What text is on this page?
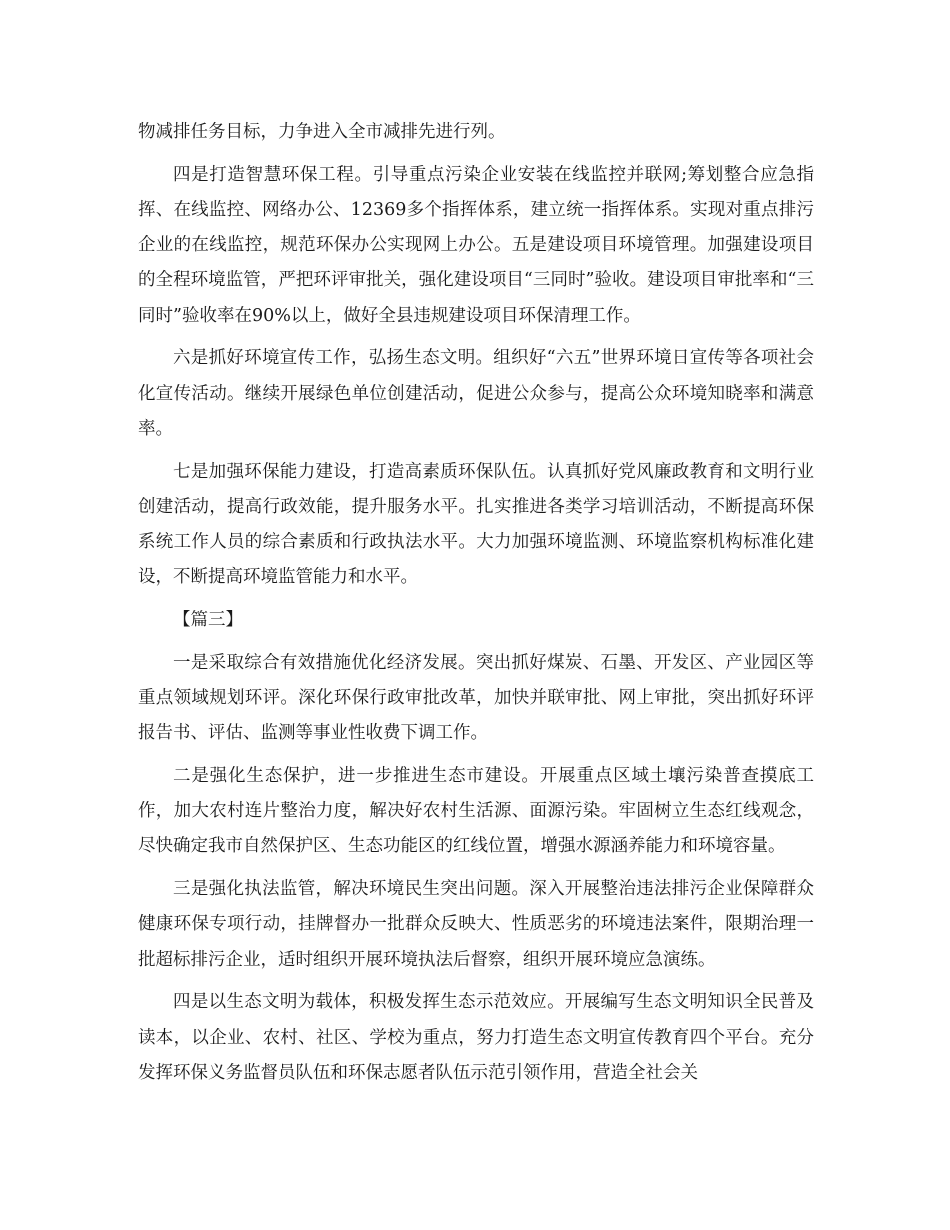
物减排任务目标，力争进入全市减排先进行列。

四是打造智慧环保工程。引导重点污染企业安装在线监控并联网;筹划整合应急指挥、在线监控、网络办公、12369多个指挥体系，建立统一指挥体系。实现对重点排污企业的在线监控，规范环保办公实现网上办公。五是建设项目环境管理。加强建设项目的全程环境监管，严把环评审批关，强化建设项目“三同时”验收。建设项目审批率和“三同时”验收率在90%以上，做好全县违规建设项目环保清理工作。

六是抓好环境宣传工作，弘扬生态文明。组织好“六五”世界环境日宣传等各项社会化宣传活动。继续开展绿色单位创建活动，促进公众参与，提高公众环境知晓率和满意率。

七是加强环保能力建设，打造高素质环保队伍。认真抓好党风廉政教育和文明行业创建活动，提高行政效能，提升服务水平。扎实推进各类学习培训活动，不断提高环保系统工作人员的综合素质和行政执法水平。大力加强环境监测、环境监察机构标准化建设，不断提高环境监管能力和水平。

【篇三】

一是采取综合有效措施优化经济发展。突出抓好煤炭、石墨、开发区、产业园区等重点领域规划环评。深化环保行政审批改革，加快并联审批、网上审批，突出抓好环评报告书、评估、监测等事业性收费下调工作。

二是强化生态保护，进一步推进生态市建设。开展重点区域土壤污染普查摸底工作，加大农村连片整治力度，解决好农村生活源、面源污染。牢固树立生态红线观念，尽快确定我市自然保护区、生态功能区的红线位置，增强水源涵养能力和环境容量。

三是强化执法监管，解决环境民生突出问题。深入开展整治违法排污企业保障群众健康环保专项行动，挂牌督办一批群众反映大、性质恶劣的环境违法案件，限期治理一批超标排污企业，适时组织开展环境执法后督察，组织开展环境应急演练。

四是以生态文明为载体，积极发挥生态示范效应。开展编写生态文明知识全民普及读本，以企业、农村、社区、学校为重点，努力打造生态文明宣传教育四个平台。充分发挥环保义务监督员队伍和环保志愿者队伍示范引领作用，营造全社会关
